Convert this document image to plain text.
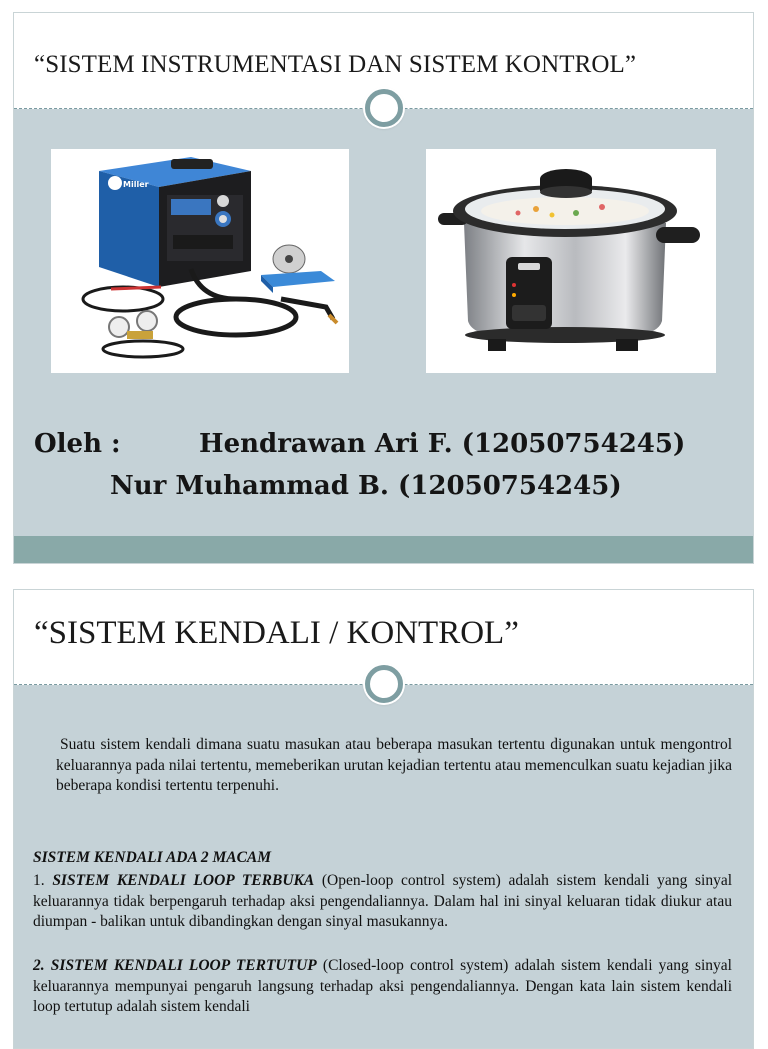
“SISTEM INSTRUMENTASI DAN SISTEM KONTROL”
Miller
Oleh :	Hendrawan Ari F. (12050754245)
Nur Muhammad B. (12050754245)
“SISTEM KENDALI / KONTROL”
Suatu sistem kendali dimana suatu masukan atau beberapa masukan tertentu digunakan untuk mengontrol keluarannya pada nilai tertentu, memeberikan urutan kejadian tertentu atau memenculkan suatu kejadian jika beberapa kondisi tertentu terpenuhi.
SISTEM KENDALI ADA 2 MACAM
1. SISTEM KENDALI LOOP TERBUKA (Open-loop control system) adalah sistem kendali yang sinyal keluarannya tidak berpengaruh terhadap aksi pengendaliannya. Dalam hal ini sinyal keluaran tidak diukur atau diumpan - balikan untuk dibandingkan dengan sinyal masukannya.
2. SISTEM KENDALI LOOP TERTUTUP (Closed-loop control system) adalah sistem kendali yang sinyal keluarannya mempunyai pengaruh langsung terhadap aksi pengendaliannya. Dengan kata lain sistem kendali loop tertutup adalah sistem kendali
